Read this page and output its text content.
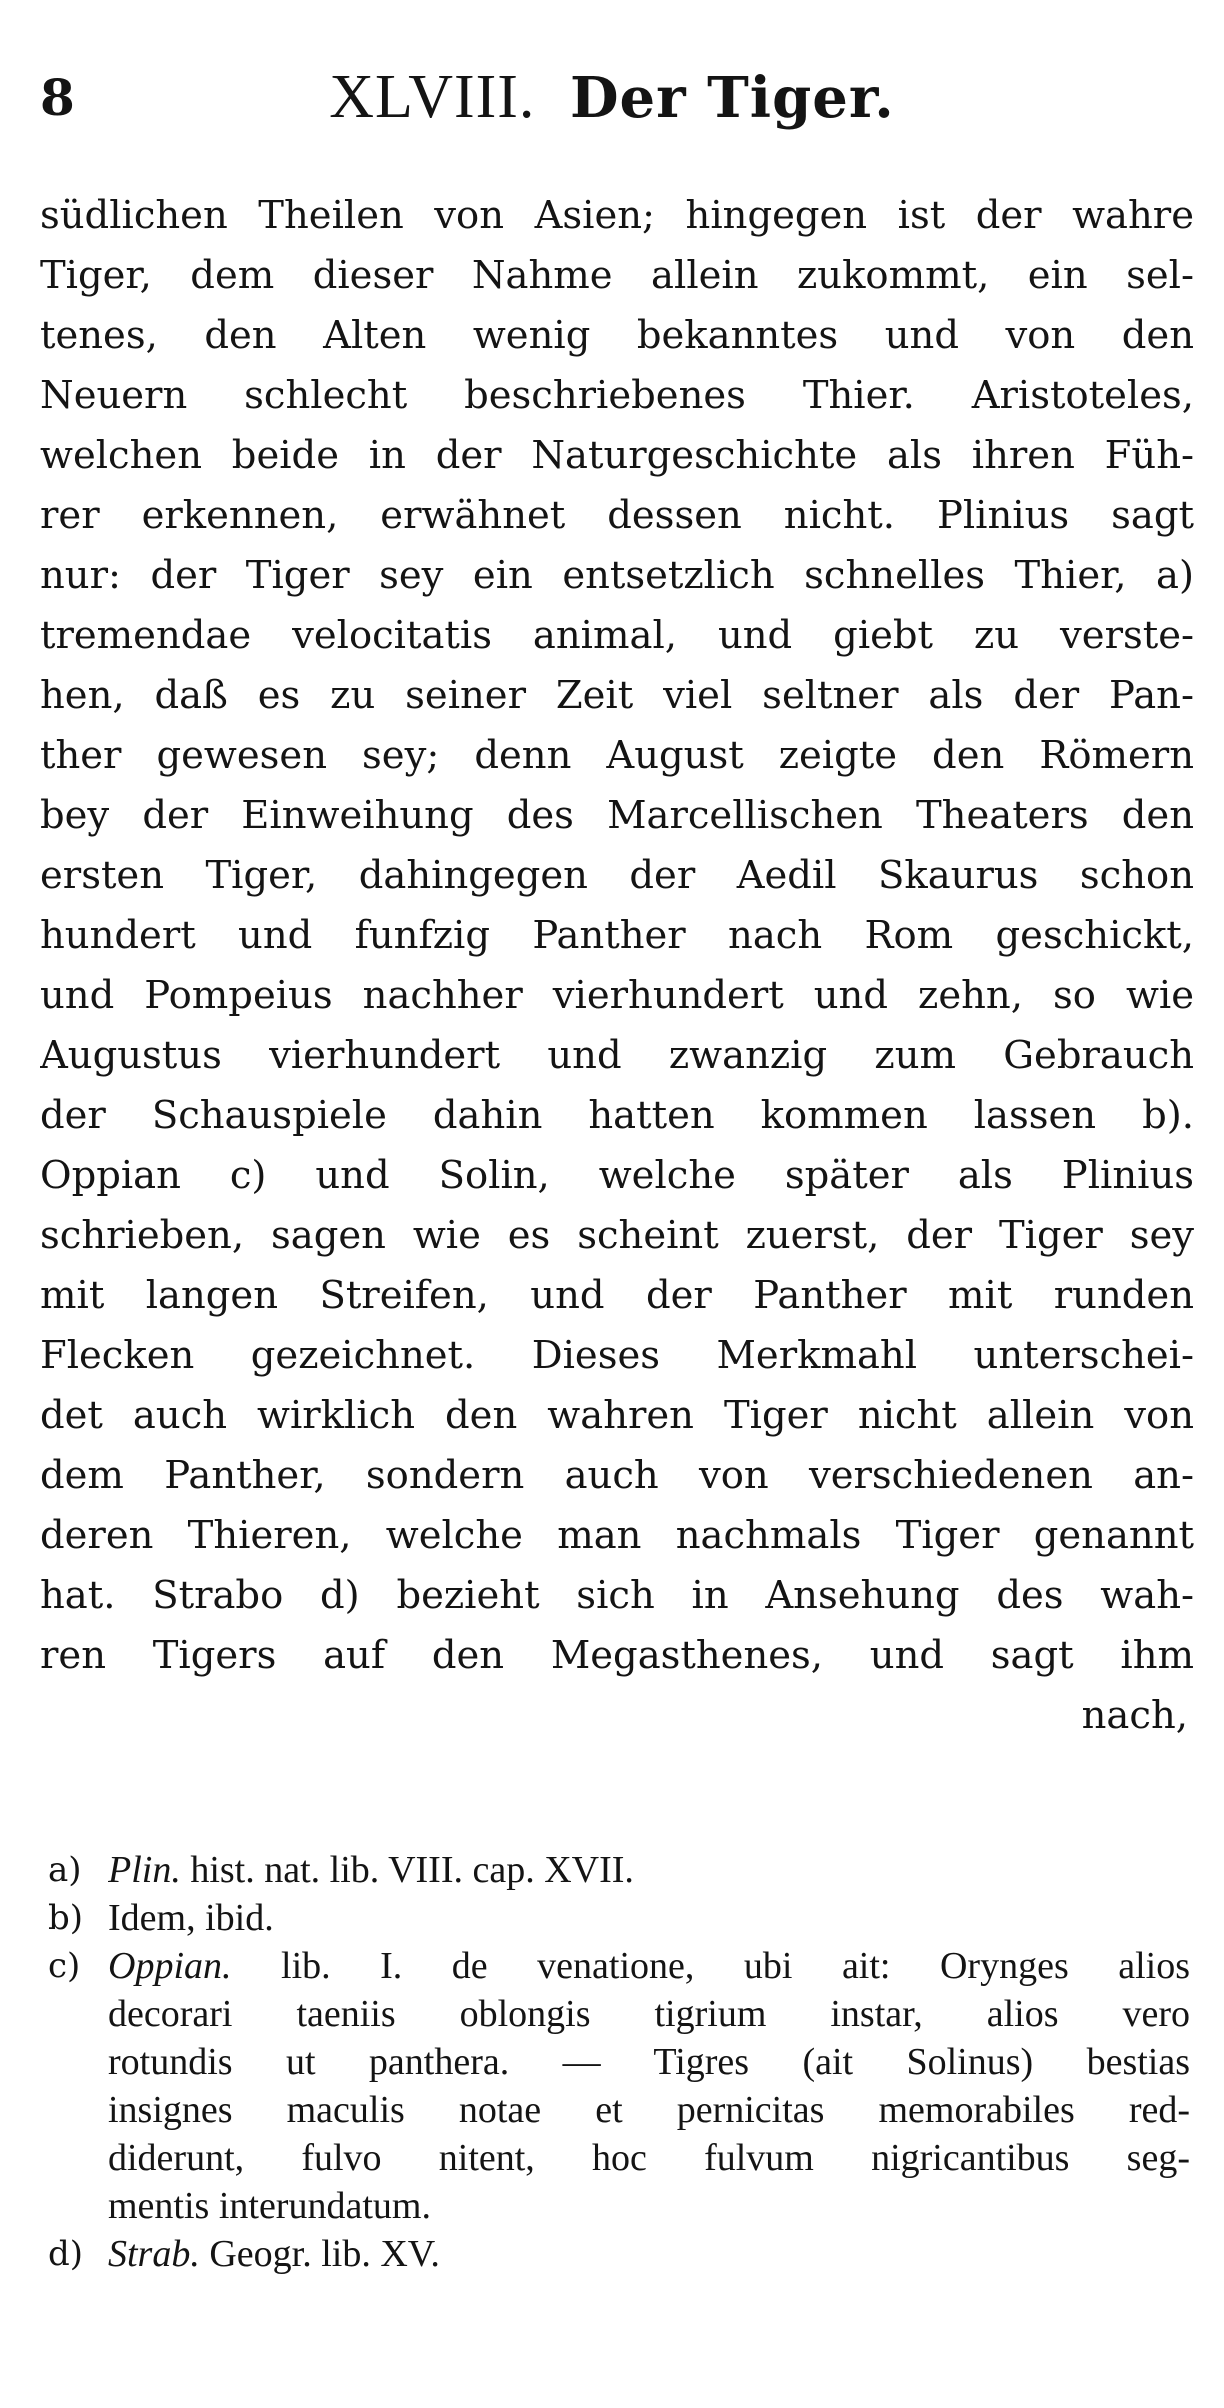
8	XLVIII. Der Tiger.
südlichen Theilen von Asien; hingegen ist der wahre
Tiger, dem dieser Nahme allein zukommt, ein sel-
tenes, den Alten wenig bekanntes und von den
Neuern schlecht beschriebenes Thier. Aristoteles,
welchen beide in der Naturgeschichte als ihren Füh-
rer erkennen, erwähnet dessen nicht. Plinius sagt
nur: der Tiger sey ein entsetzlich schnelles Thier, a)
tremendae velocitatis animal, und giebt zu verste-
hen, daß es zu seiner Zeit viel seltner als der Pan-
ther gewesen sey; denn August zeigte den Römern
bey der Einweihung des Marcellischen Theaters den
ersten Tiger, dahingegen der Aedil Skaurus schon
hundert und funfzig Panther nach Rom geschickt,
und Pompeius nachher vierhundert und zehn, so wie
Augustus vierhundert und zwanzig zum Gebrauch
der Schauspiele dahin hatten kommen lassen b).
Oppian c) und Solin, welche später als Plinius
schrieben, sagen wie es scheint zuerst, der Tiger sey
mit langen Streifen, und der Panther mit runden
Flecken gezeichnet. Dieses Merkmahl unterschei-
det auch wirklich den wahren Tiger nicht allein von
dem Panther, sondern auch von verschiedenen an-
deren Thieren, welche man nachmals Tiger genannt
hat. Strabo d) bezieht sich in Ansehung des wah-
ren Tigers auf den Megasthenes, und sagt ihm
nach,
a) Plin. hist. nat. lib. VIII. cap. XVII.
b) Idem, ibid.
c) Oppian. lib. I. de venatione, ubi ait: Orynges alios
decorari taeniis oblongis tigrium instar, alios vero
rotundis ut panthera. — Tigres (ait Solinus) bestias
insignes maculis notae et pernicitas memorabiles red-
diderunt, fulvo nitent, hoc fulvum nigricantibus seg-
mentis interundatum.
d) Strab. Geogr. lib. XV.
